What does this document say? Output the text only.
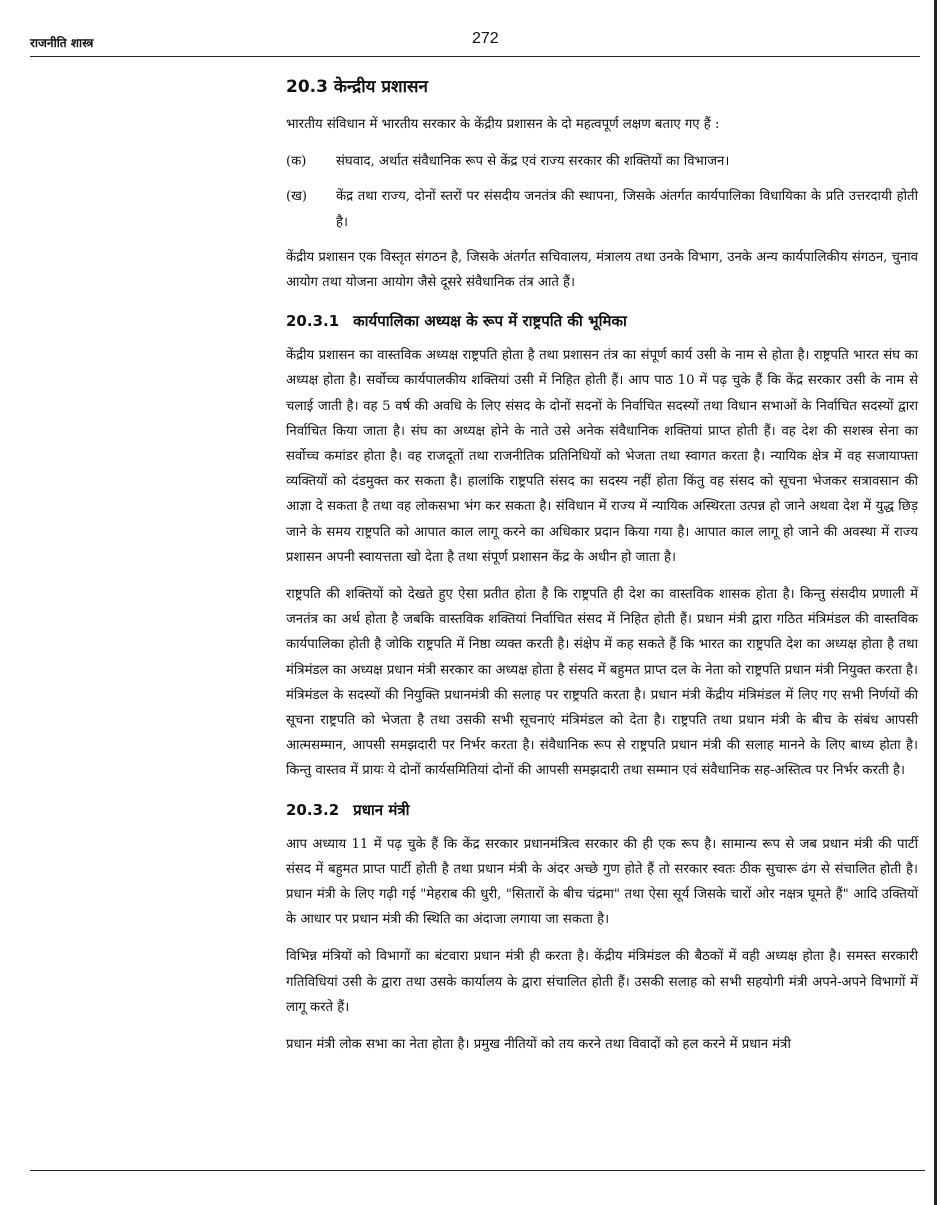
राजनीति शास्त्र	272
20.3 केन्द्रीय प्रशासन

भारतीय संविधान में भारतीय सरकार के केंद्रीय प्रशासन के दो महत्वपूर्ण लक्षण बताए गए हैं :

(क)	संघवाद, अर्थात संवैधानिक रूप से केंद्र एवं राज्य सरकार की शक्तियों का विभाजन।
(ख)	केंद्र तथा राज्य, दोनों स्तरों पर संसदीय जनतंत्र की स्थापना, जिसके अंतर्गत कार्यपालिका विधायिका के प्रति उत्तरदायी होती है।

केंद्रीय प्रशासन एक विस्तृत संगठन है, जिसके अंतर्गत सचिवालय, मंत्रालय तथा उनके विभाग, उनके अन्य कार्यपालिकीय संगठन, चुनाव आयोग तथा योजना आयोग जैसे दूसरे संवैधानिक तंत्र आते हैं।

20.3.1 कार्यपालिका अध्यक्ष के रूप में राष्ट्रपति की भूमिका

केंद्रीय प्रशासन का वास्तविक अध्यक्ष राष्ट्रपति होता है तथा प्रशासन तंत्र का संपूर्ण कार्य उसी के नाम से होता है। राष्ट्रपति भारत संघ का अध्यक्ष होता है। सर्वोच्च कार्यपालकीय शक्तियां उसी में निहित होती हैं। आप पाठ 10 में पढ़ चुके हैं कि केंद्र सरकार उसी के नाम से चलाई जाती है। वह 5 वर्ष की अवधि के लिए संसद के दोनों सदनों के निर्वाचित सदस्यों तथा विधान सभाओं के निर्वाचित सदस्यों द्वारा निर्वाचित किया जाता है। संघ का अध्यक्ष होने के नाते उसे अनेक संवैधानिक शक्तियां प्राप्त होती हैं। वह देश की सशस्त्र सेना का सर्वोच्च कमांडर होता है। वह राजदूतों तथा राजनीतिक प्रतिनिधियों को भेजता तथा स्वागत करता है। न्यायिक क्षेत्र में वह सजायाफ्ता व्यक्तियों को दंडमुक्त कर सकता है। हालांकि राष्ट्रपति संसद का सदस्य नहीं होता किंतु वह संसद को सूचना भेजकर सत्रावसान की आज्ञा दे सकता है तथा वह लोकसभा भंग कर सकता है। संविधान में राज्य में न्यायिक अस्थिरता उत्पन्न हो जाने अथवा देश में युद्ध छिड़ जाने के समय राष्ट्रपति को आपात काल लागू करने का अधिकार प्रदान किया गया है। आपात काल लागू हो जाने की अवस्था में राज्य प्रशासन अपनी स्वायत्तता खो देता है तथा संपूर्ण प्रशासन केंद्र के अधीन हो जाता है।

राष्ट्रपति की शक्तियों को देखते हुए ऐसा प्रतीत होता है कि राष्ट्रपति ही देश का वास्तविक शासक होता है। किन्तु संसदीय प्रणाली में जनतंत्र का अर्थ होता है जबकि वास्तविक शक्तियां निर्वाचित संसद में निहित होती हैं। प्रधान मंत्री द्वारा गठित मंत्रिमंडल की वास्तविक कार्यपालिका होती है जोकि राष्ट्रपति में निष्ठा व्यक्त करती है। संक्षेप में कह सकते हैं कि भारत का राष्ट्रपति देश का अध्यक्ष होता है तथा मंत्रिमंडल का अध्यक्ष प्रधान मंत्री सरकार का अध्यक्ष होता है संसद में बहुमत प्राप्त दल के नेता को राष्ट्रपति प्रधान मंत्री नियुक्त करता है। मंत्रिमंडल के सदस्यों की नियुक्ति प्रधानमंत्री की सलाह पर राष्ट्रपति करता है। प्रधान मंत्री केंद्रीय मंत्रिमंडल में लिए गए सभी निर्णयों की सूचना राष्ट्रपति को भेजता है तथा उसकी सभी सूचनाएं मंत्रिमंडल को देता है। राष्ट्रपति तथा प्रधान मंत्री के बीच के संबंध आपसी आत्मसम्मान, आपसी समझदारी पर निर्भर करता है। संवैधानिक रूप से राष्ट्रपति प्रधान मंत्री की सलाह मानने के लिए बाध्य होता है। किन्तु वास्तव में प्रायः ये दोनों कार्यसमितियां दोनों की आपसी समझदारी तथा सम्मान एवं संवैधानिक सह-अस्तित्व पर निर्भर करती है।

20.3.2 प्रधान मंत्री

आप अध्याय 11 में पढ़ चुके हैं कि केंद्र सरकार प्रधानमंत्रित्व सरकार की ही एक रूप है। सामान्य रूप से जब प्रधान मंत्री की पार्टी संसद में बहुमत प्राप्त पार्टी होती है तथा प्रधान मंत्री के अंदर अच्छे गुण होते हैं तो सरकार स्वतः ठीक सुचारू ढंग से संचालित होती है। प्रधान मंत्री के लिए गढ़ी गई "मेहराब की धुरी, "सितारों के बीच चंद्रमा" तथा ऐसा सूर्य जिसके चारों ओर नक्षत्र घूमते हैं" आदि उक्तियों के आधार पर प्रधान मंत्री की स्थिति का अंदाजा लगाया जा सकता है।

विभिन्न मंत्रियों को विभागों का बंटवारा प्रधान मंत्री ही करता है। केंद्रीय मंत्रिमंडल की बैठकों में वही अध्यक्ष होता है। समस्त सरकारी गतिविधियां उसी के द्वारा तथा उसके कार्यालय के द्वारा संचालित होती हैं। उसकी सलाह को सभी सहयोगी मंत्री अपने-अपने विभागों में लागू करते हैं।

प्रधान मंत्री लोक सभा का नेता होता है। प्रमुख नीतियों को तय करने तथा विवादों को हल करने में प्रधान मंत्री
